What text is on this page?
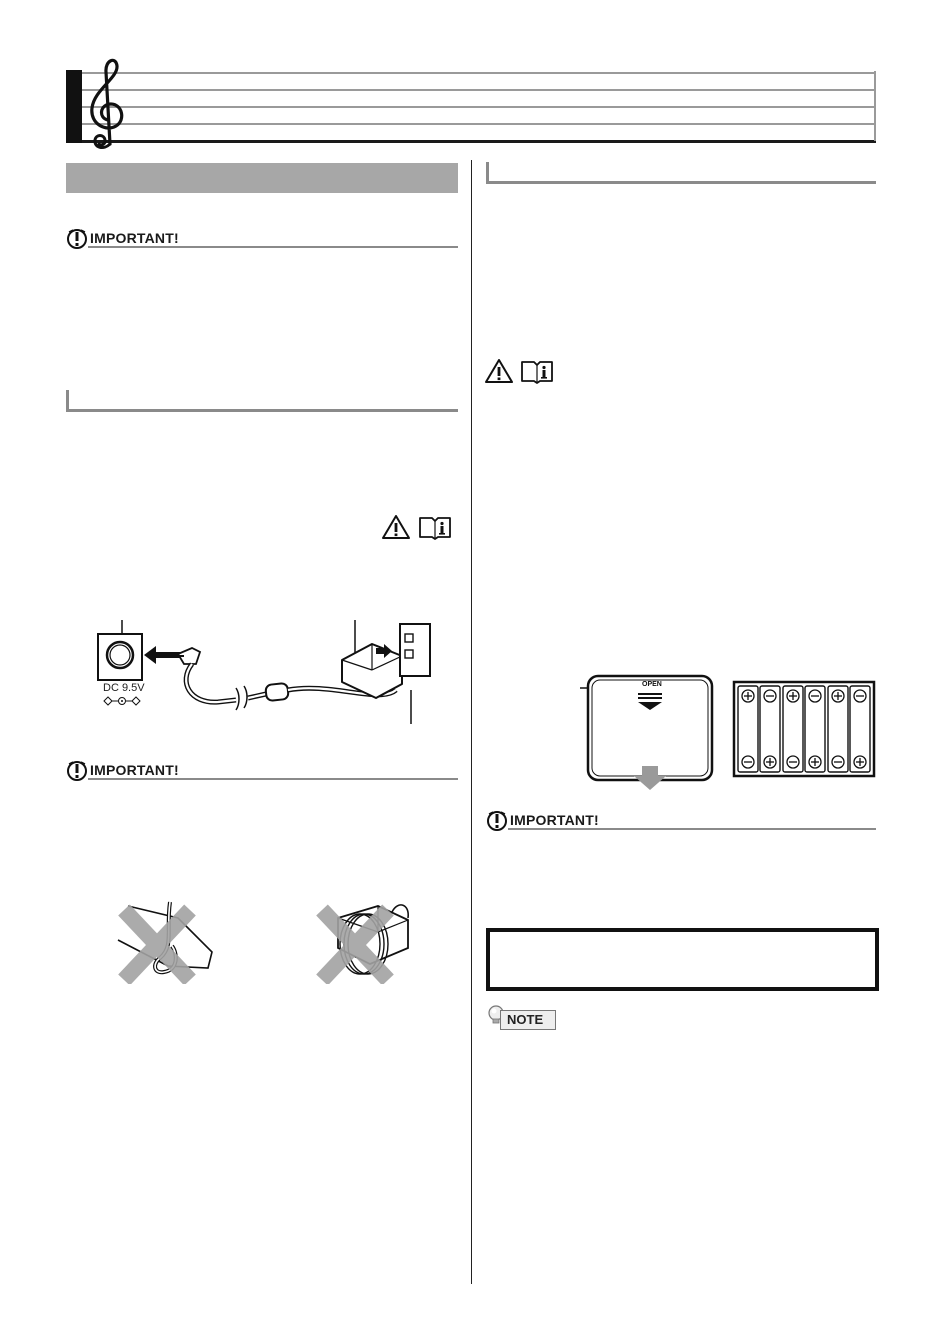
IMPORTANT!
DC 9.5V
IMPORTANT!
OPEN
IMPORTANT!
NOTE
